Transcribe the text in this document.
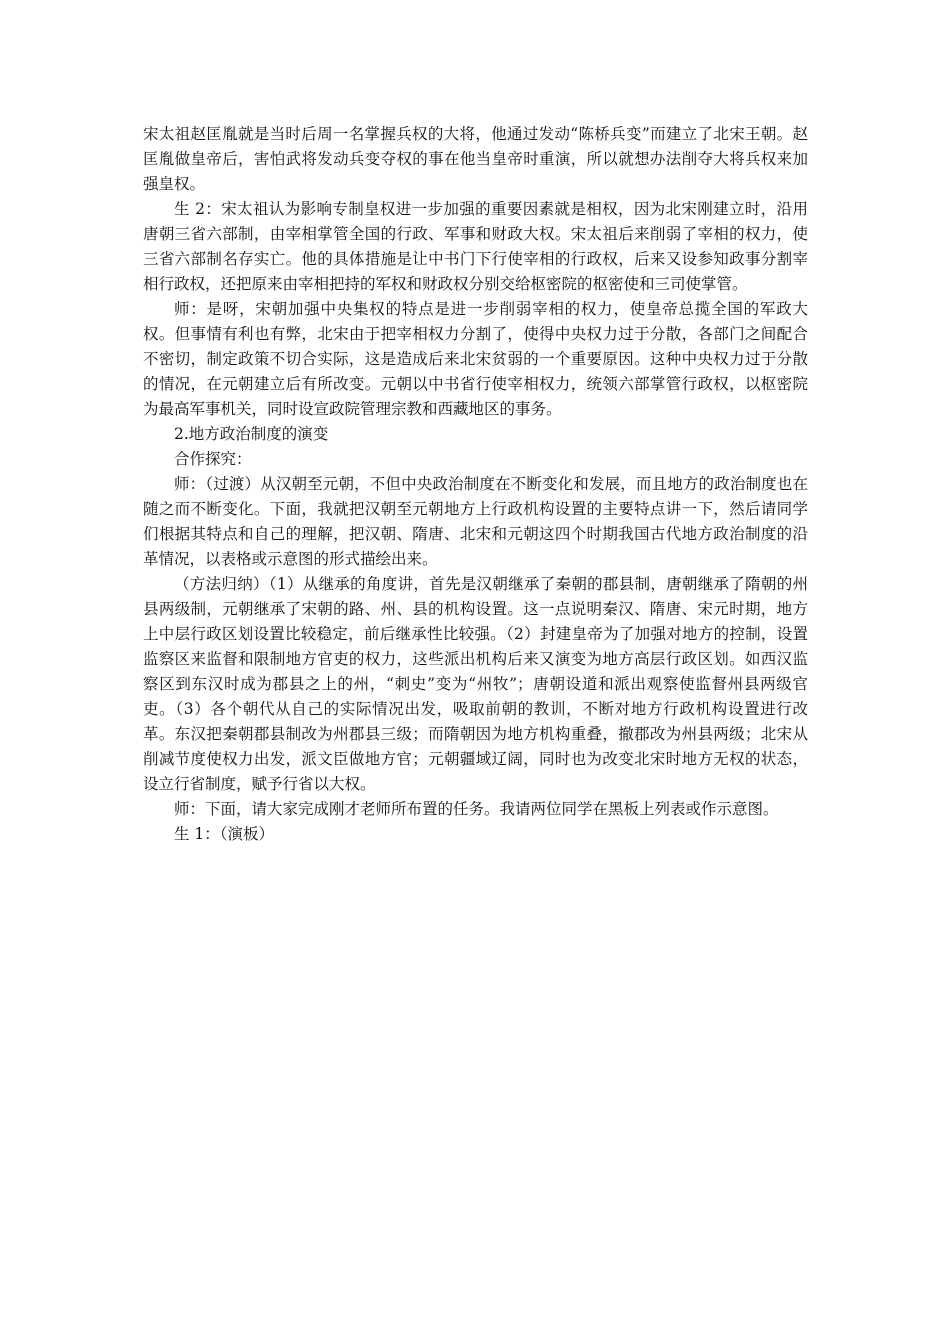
宋太祖赵匡胤就是当时后周一名掌握兵权的大将，他通过发动“陈桥兵变”而建立了北宋王朝。赵匡胤做皇帝后，害怕武将发动兵变夺权的事在他当皇帝时重演，所以就想办法削夺大将兵权来加强皇权。

生 2：宋太祖认为影响专制皇权进一步加强的重要因素就是相权，因为北宋刚建立时，沿用唐朝三省六部制，由宰相掌管全国的行政、军事和财政大权。宋太祖后来削弱了宰相的权力，使三省六部制名存实亡。他的具体措施是让中书门下行使宰相的行政权，后来又设参知政事分割宰相行政权，还把原来由宰相把持的军权和财政权分别交给枢密院的枢密使和三司使掌管。

师：是呀，宋朝加强中央集权的特点是进一步削弱宰相的权力，使皇帝总揽全国的军政大权。但事情有利也有弊，北宋由于把宰相权力分割了，使得中央权力过于分散，各部门之间配合不密切，制定政策不切合实际，这是造成后来北宋贫弱的一个重要原因。这种中央权力过于分散的情况，在元朝建立后有所改变。元朝以中书省行使宰相权力，统领六部掌管行政权，以枢密院为最高军事机关，同时设宣政院管理宗教和西藏地区的事务。

2.地方政治制度的演变

合作探究：

师：（过渡）从汉朝至元朝，不但中央政治制度在不断变化和发展，而且地方的政治制度也在随之而不断变化。下面，我就把汉朝至元朝地方上行政机构设置的主要特点讲一下，然后请同学们根据其特点和自己的理解，把汉朝、隋唐、北宋和元朝这四个时期我国古代地方政治制度的沿革情况，以表格或示意图的形式描绘出来。

（方法归纳）（1）从继承的角度讲，首先是汉朝继承了秦朝的郡县制，唐朝继承了隋朝的州县两级制，元朝继承了宋朝的路、州、县的机构设置。这一点说明秦汉、隋唐、宋元时期，地方上中层行政区划设置比较稳定，前后继承性比较强。（2）封建皇帝为了加强对地方的控制，设置监察区来监督和限制地方官吏的权力，这些派出机构后来又演变为地方高层行政区划。如西汉监察区到东汉时成为郡县之上的州，“刺史”变为“州牧”；唐朝设道和派出观察使监督州县两级官吏。（3）各个朝代从自己的实际情况出发，吸取前朝的教训，不断对地方行政机构设置进行改革。东汉把秦朝郡县制改为州郡县三级；而隋朝因为地方机构重叠，撤郡改为州县两级；北宋从削减节度使权力出发，派文臣做地方官；元朝疆域辽阔，同时也为改变北宋时地方无权的状态，设立行省制度，赋予行省以大权。

师：下面，请大家完成刚才老师所布置的任务。我请两位同学在黑板上列表或作示意图。

生 1：（演板）
